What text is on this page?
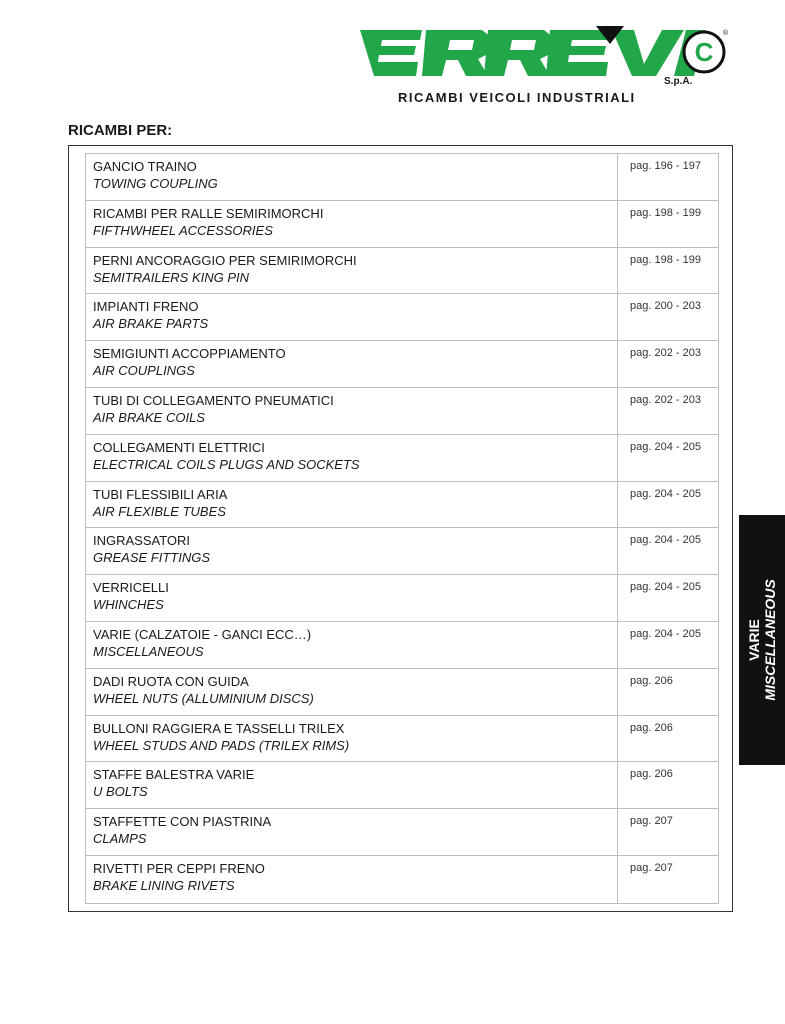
C
®
S.p.A.
RICAMBI VEICOLI INDUSTRIALI
RICAMBI PER:
GANCIO TRAINO
TOWING COUPLING
pag. 196 - 197
RICAMBI PER RALLE SEMIRIMORCHI
FIFTHWHEEL ACCESSORIES
pag. 198 - 199
PERNI ANCORAGGIO PER SEMIRIMORCHI
SEMITRAILERS KING PIN
pag. 198 - 199
IMPIANTI FRENO
AIR BRAKE PARTS
pag. 200 - 203
SEMIGIUNTI ACCOPPIAMENTO
AIR COUPLINGS
pag. 202 - 203
TUBI DI COLLEGAMENTO PNEUMATICI
AIR BRAKE COILS
pag. 202 - 203
COLLEGAMENTI ELETTRICI
ELECTRICAL COILS PLUGS AND SOCKETS
pag. 204 - 205
TUBI FLESSIBILI ARIA
AIR FLEXIBLE TUBES
pag. 204 - 205
INGRASSATORI
GREASE FITTINGS
pag. 204 - 205
VERRICELLI
WHINCHES
pag. 204 - 205
VARIE (CALZATOIE - GANCI ECC…)
MISCELLANEOUS
pag. 204 - 205
DADI RUOTA CON GUIDA
WHEEL NUTS (ALLUMINIUM DISCS)
pag. 206
BULLONI RAGGIERA E TASSELLI TRILEX
WHEEL STUDS AND PADS (TRILEX RIMS)
pag. 206
STAFFE BALESTRA VARIE
U BOLTS
pag. 206
STAFFETTE CON PIASTRINA
CLAMPS
pag. 207
RIVETTI PER CEPPI FRENO
BRAKE LINING RIVETS
pag. 207
VARIE MISCELLANEOUS
